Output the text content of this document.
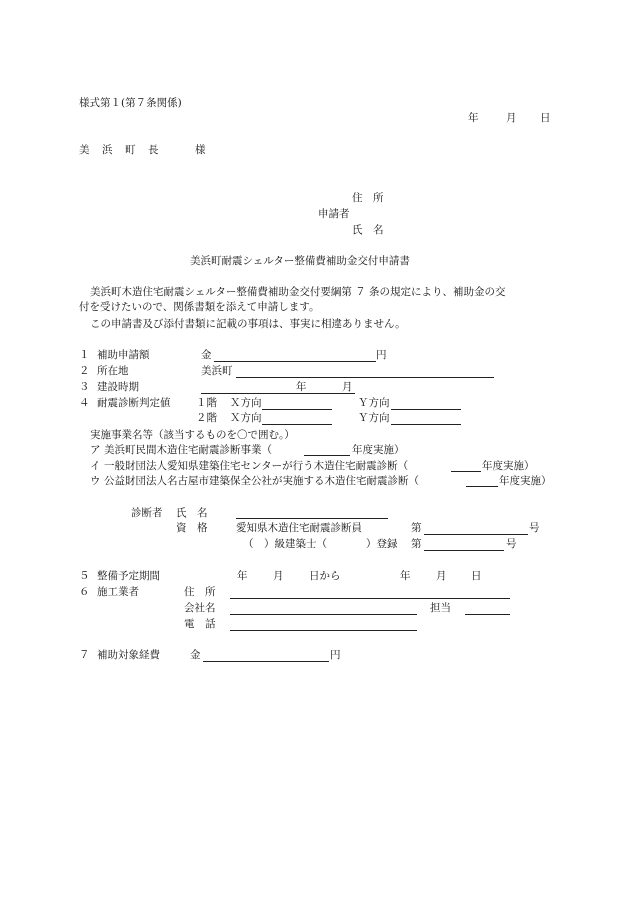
様式第１(第７条関係)
年	月 日
美　浜　町　長	様
住　所
申請者
氏　名
美浜町耐震シェルター整備費補助金交付申請書
美浜町木造住宅耐震シェルター整備費補助金交付要綱第 ７ 条の規定により、補助金の交
付を受けたいので、関係書類を添えて申請します。
この申請書及び添付書類に記載の事項は、事実に相違ありません。
１ 補助申請額	金	円
２ 所在地	美浜町
３ 建設時期	年	月
４ 耐震診断判定値 １階 Ｘ方向	Ｙ方向
２階 Ｘ方向	Ｙ方向
実施事業名等（該当するものを〇で囲む。）
ア 美浜町民間木造住宅耐震診断事業（	年度実施）
イ 一般財団法人愛知県建築住宅センターが行う木造住宅耐震診断（	年度実施）
ウ 公益財団法人名古屋市建築保全公社が実施する木造住宅耐震診断（	年度実施）
診断者 氏　名
資　格	愛知県木造住宅耐震診断員	第	号
（　）級建築士（	）登録 第	号
５ 整備予定期間	年 月 日から	年 月 日
６ 施工業者	住　所
会社名	担当
電　話
７ 補助対象経費	金	円
